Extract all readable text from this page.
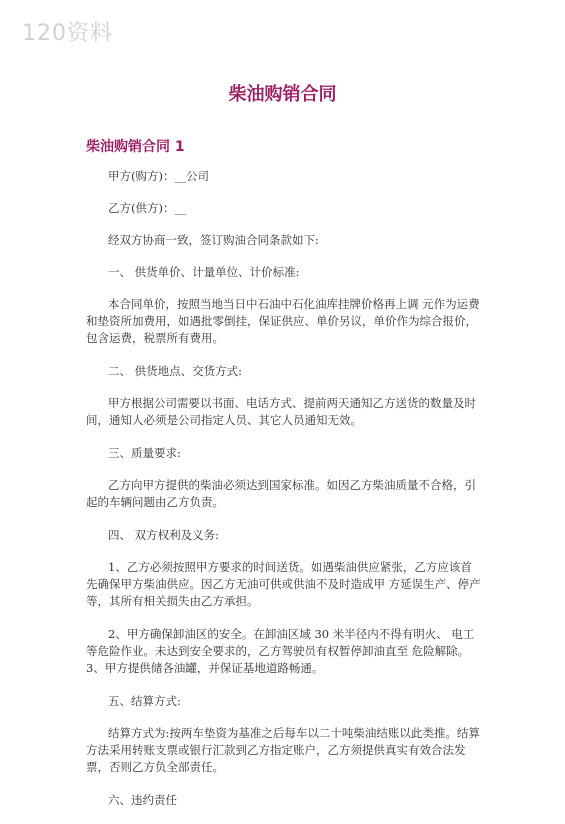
120资料
柴油购销合同
柴油购销合同 1

甲方(购方)：__公司

乙方(供方)：__

经双方协商一致，签订购油合同条款如下:

一、 供货单价、计量单位、计价标准:

本合同单价，按照当地当日中石油中石化油库挂牌价格再上调 元作为运费和垫资所加费用，如遇批零倒挂，保证供应、单价另议，单价作为综合报价，包含运费，税票所有费用。

二、 供货地点、交货方式:

甲方根据公司需要以书面、电话方式、提前两天通知乙方送货的数量及时间，通知人必须是公司指定人员、其它人员通知无效。

三、质量要求:

乙方向甲方提供的柴油必须达到国家标准。如因乙方柴油质量不合格，引起的车辆问题由乙方负责。

四、 双方权利及义务:

1、乙方必须按照甲方要求的时间送货。如遇柴油供应紧张，乙方应该首先确保甲方柴油供应。因乙方无油可供或供油不及时造成甲 方延误生产、停产等，其所有相关损失由乙方承担。

2、甲方确保卸油区的安全。在卸油区域 30 米半径内不得有明火、 电工等危险作业。未达到安全要求的，乙方驾驶员有权暂停卸油直至 危险解除。3、甲方提供储各油罐，并保证基地道路畅通。

五、结算方式:

结算方式为:按两车垫资为基准之后每车以二十吨柴油结账以此类推。结算方法采用转账支票或银行汇款到乙方指定账户，乙方须提供真实有效合法发票，否则乙方负全部责任。

六、违约责任
